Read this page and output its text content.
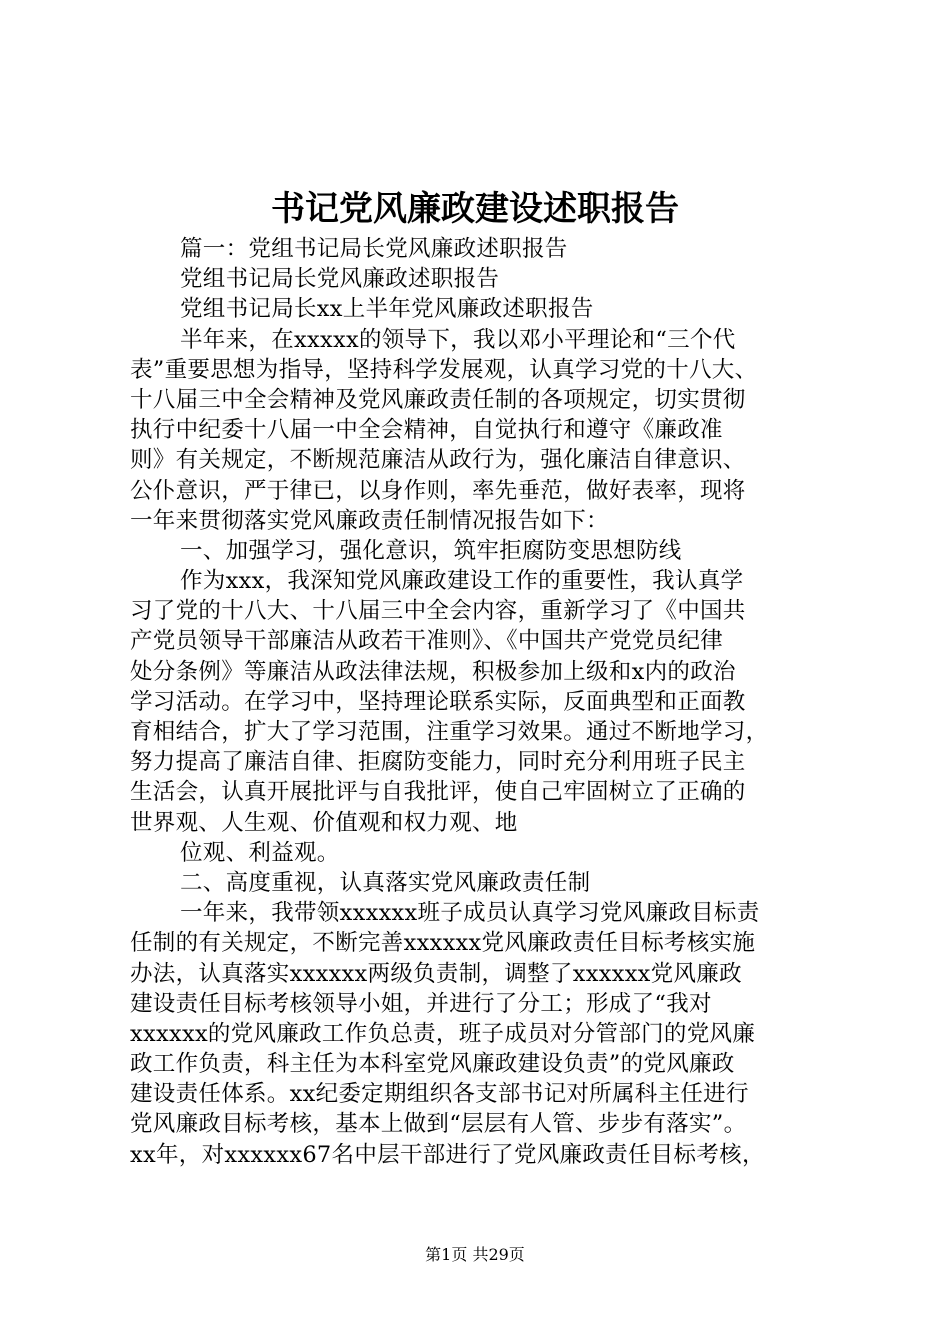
书记党风廉政建设述职报告
篇一：党组书记局长党风廉政述职报告
党组书记局长党风廉政述职报告
党组书记局长xx上半年党风廉政述职报告
半年来，在xxxxx的领导下，我以邓小平理论和“三个代
表”重要思想为指导，坚持科学发展观，认真学习党的十八大、
十八届三中全会精神及党风廉政责任制的各项规定，切实贯彻
执行中纪委十八届一中全会精神，自觉执行和遵守《廉政准
则》有关规定，不断规范廉洁从政行为，强化廉洁自律意识、
公仆意识，严于律已，以身作则，率先垂范，做好表率，现将
一年来贯彻落实党风廉政责任制情况报告如下：
一、加强学习，强化意识，筑牢拒腐防变思想防线
作为xxx，我深知党风廉政建设工作的重要性，我认真学
习了党的十八大、十八届三中全会内容，重新学习了《中国共
产党员领导干部廉洁从政若干准则》、《中国共产党党员纪律
处分条例》等廉洁从政法律法规，积极参加上级和x内的政治
学习活动。在学习中，坚持理论联系实际，反面典型和正面教
育相结合，扩大了学习范围，注重学习效果。通过不断地学习，
努力提高了廉洁自律、拒腐防变能力，同时充分利用班子民主
生活会，认真开展批评与自我批评，使自己牢固树立了正确的
世界观、人生观、价值观和权力观、地
位观、利益观。
二、高度重视，认真落实党风廉政责任制
一年来，我带领xxxxxx班子成员认真学习党风廉政目标责
任制的有关规定，不断完善xxxxxx党风廉政责任目标考核实施
办法，认真落实xxxxxx两级负责制，调整了xxxxxx党风廉政
建设责任目标考核领导小姐，并进行了分工；形成了“我对
xxxxxx的党风廉政工作负总责，班子成员对分管部门的党风廉
政工作负责，科主任为本科室党风廉政建设负责”的党风廉政
建设责任体系。xx纪委定期组织各支部书记对所属科主任进行
党风廉政目标考核，基本上做到“层层有人管、步步有落实”。
xx年，对xxxxxx67名中层干部进行了党风廉政责任目标考核，
第1页 共29页
